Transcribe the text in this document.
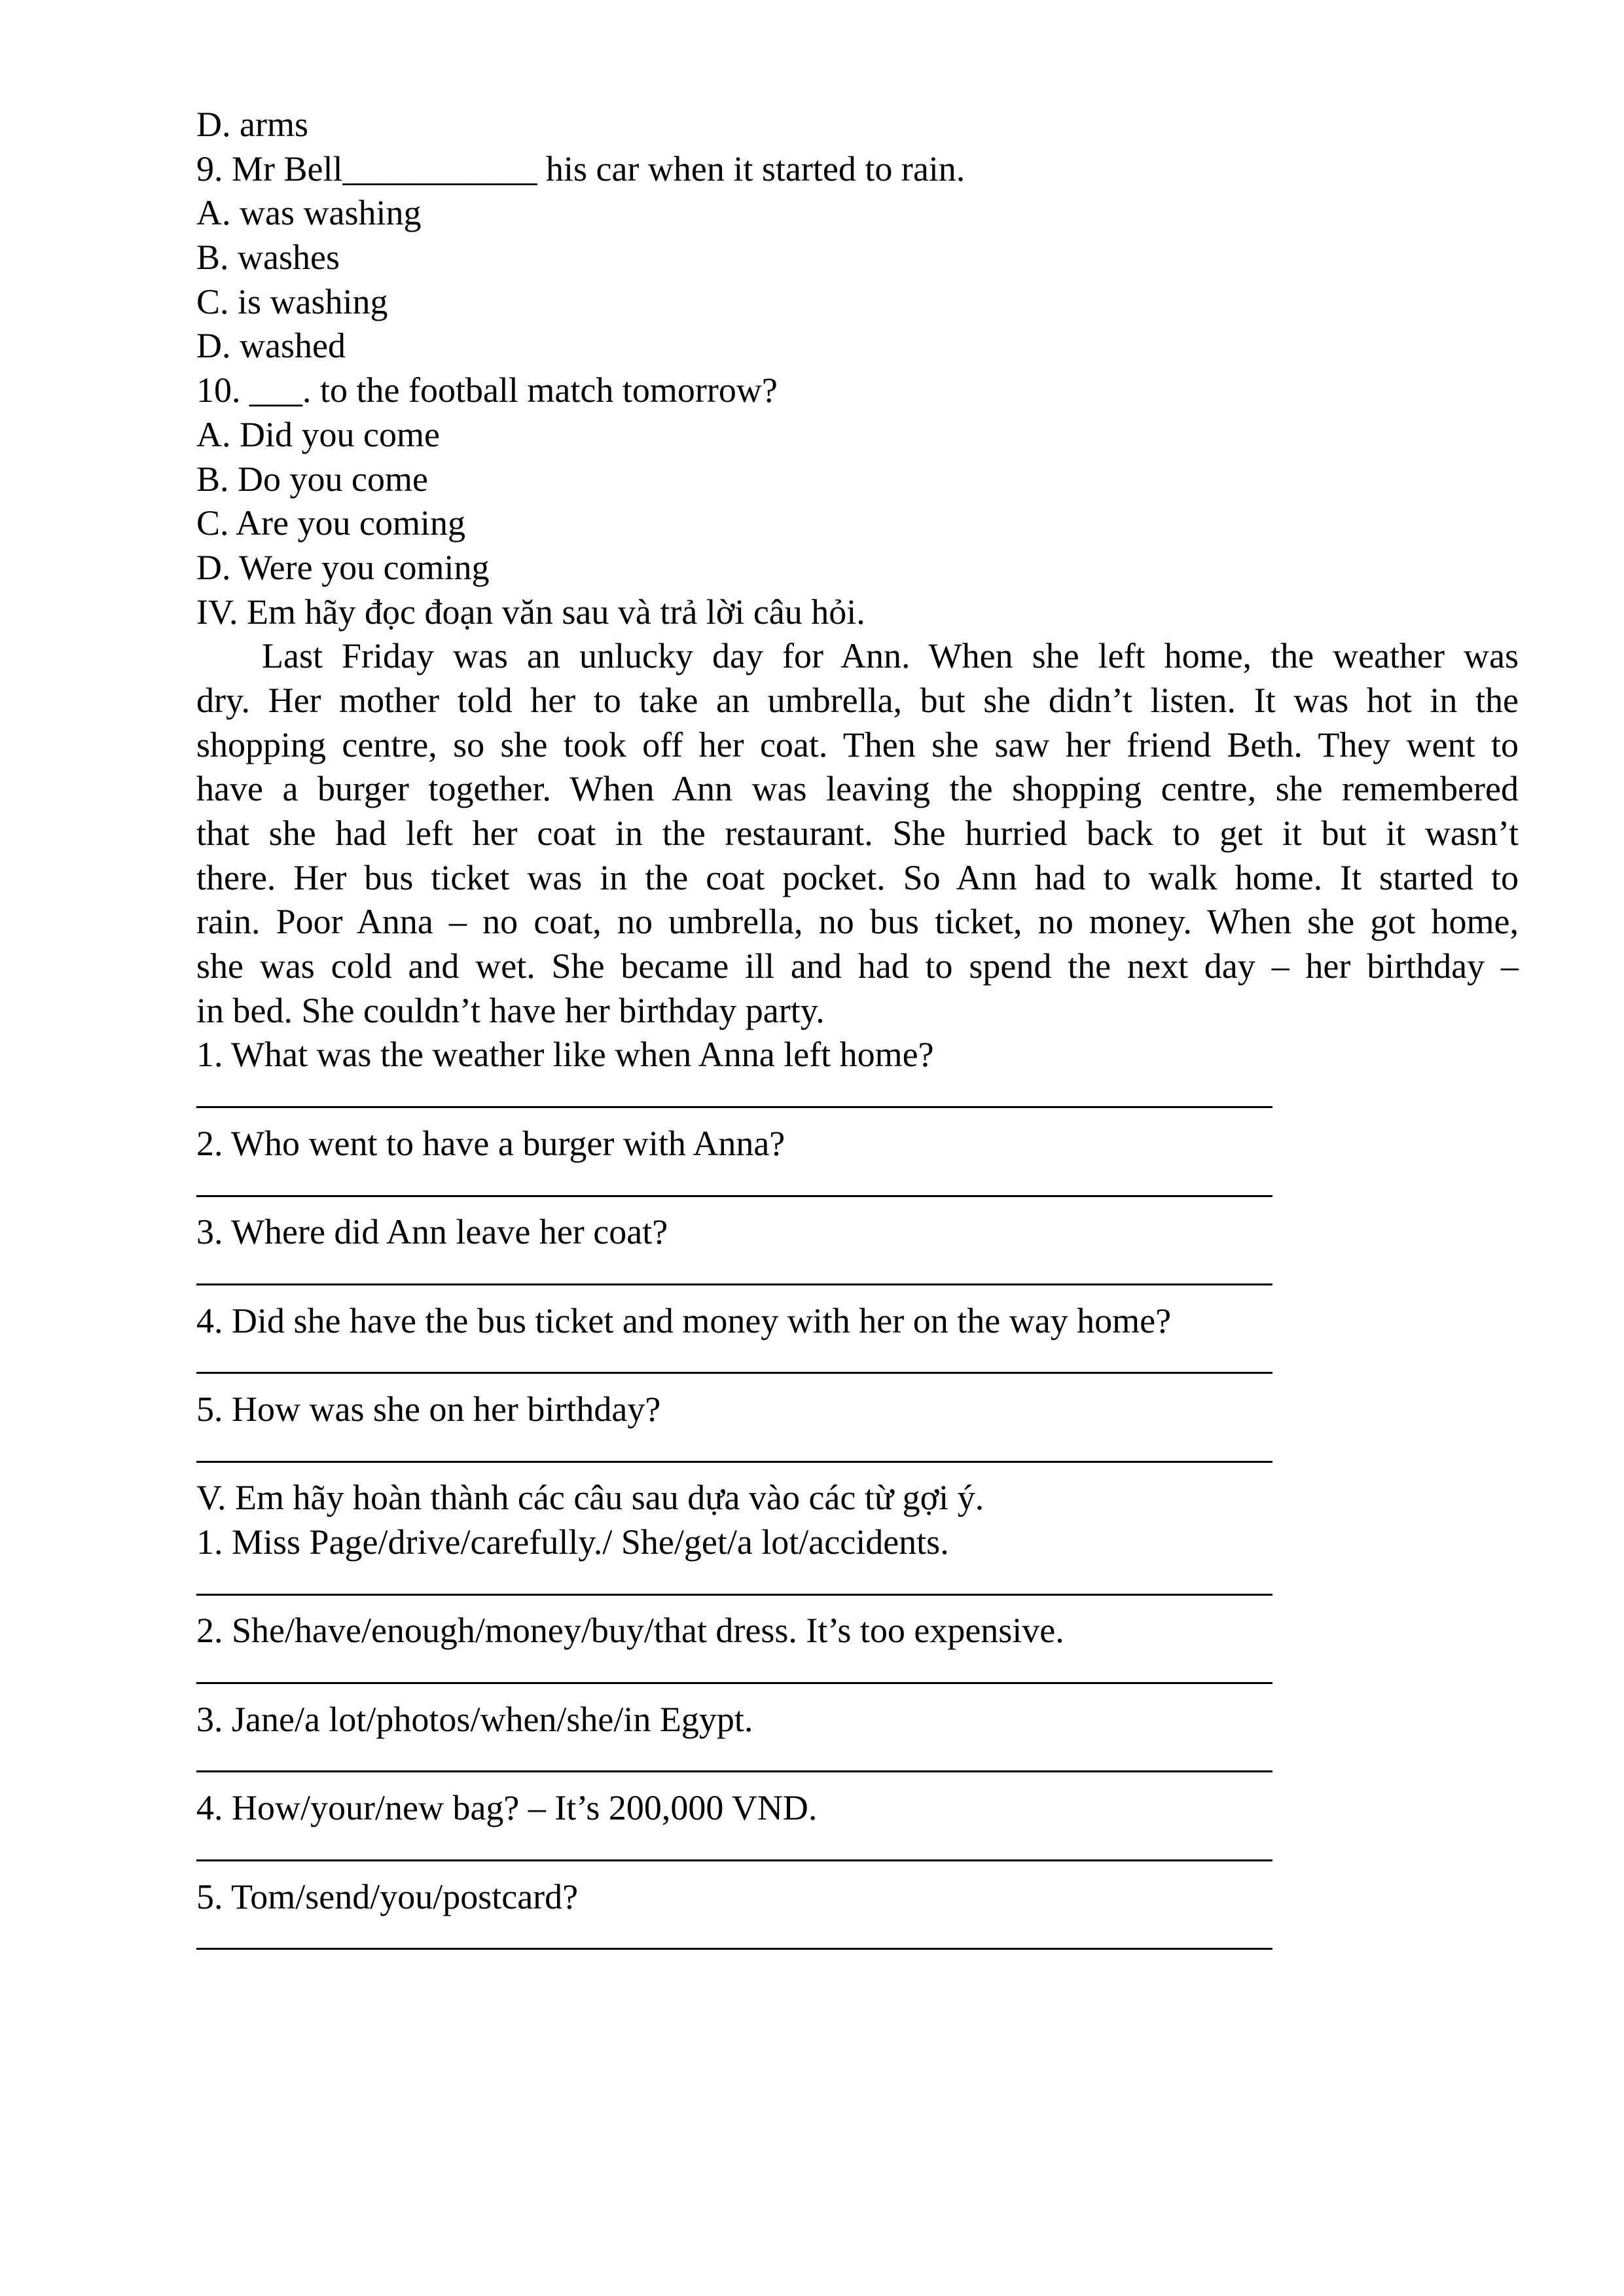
D. arms
9. Mr Bell___________ his car when it started to rain.
A. was washing
B. washes
C. is washing
D. washed
10. ___. to the football match tomorrow?
A. Did you come
B. Do you come
C. Are you coming
D. Were you coming
IV. Em hãy đọc đoạn văn sau và trả lời câu hỏi.
Last Friday was an unlucky day for Ann. When she left home, the weather was
dry. Her mother told her to take an umbrella, but she didn’t listen. It was hot in the
shopping centre, so she took off her coat. Then she saw her friend Beth. They went to
have a burger together. When Ann was leaving the shopping centre, she remembered
that she had left her coat in the restaurant. She hurried back to get it but it wasn’t
there. Her bus ticket was in the coat pocket. So Ann had to walk home. It started to
rain. Poor Anna – no coat, no umbrella, no bus ticket, no money. When she got home,
she was cold and wet. She became ill and had to spend the next day – her birthday –
in bed. She couldn’t have her birthday party.
1. What was the weather like when Anna left home?
2. Who went to have a burger with Anna?
3. Where did Ann leave her coat?
4. Did she have the bus ticket and money with her on the way home?
5. How was she on her birthday?
V. Em hãy hoàn thành các câu sau dựa vào các từ gợi ý.
1. Miss Page/drive/carefully./ She/get/a lot/accidents.
2. She/have/enough/money/buy/that dress. It’s too expensive.
3. Jane/a lot/photos/when/she/in Egypt.
4. How/your/new bag? – It’s 200,000 VND.
5. Tom/send/you/postcard?
